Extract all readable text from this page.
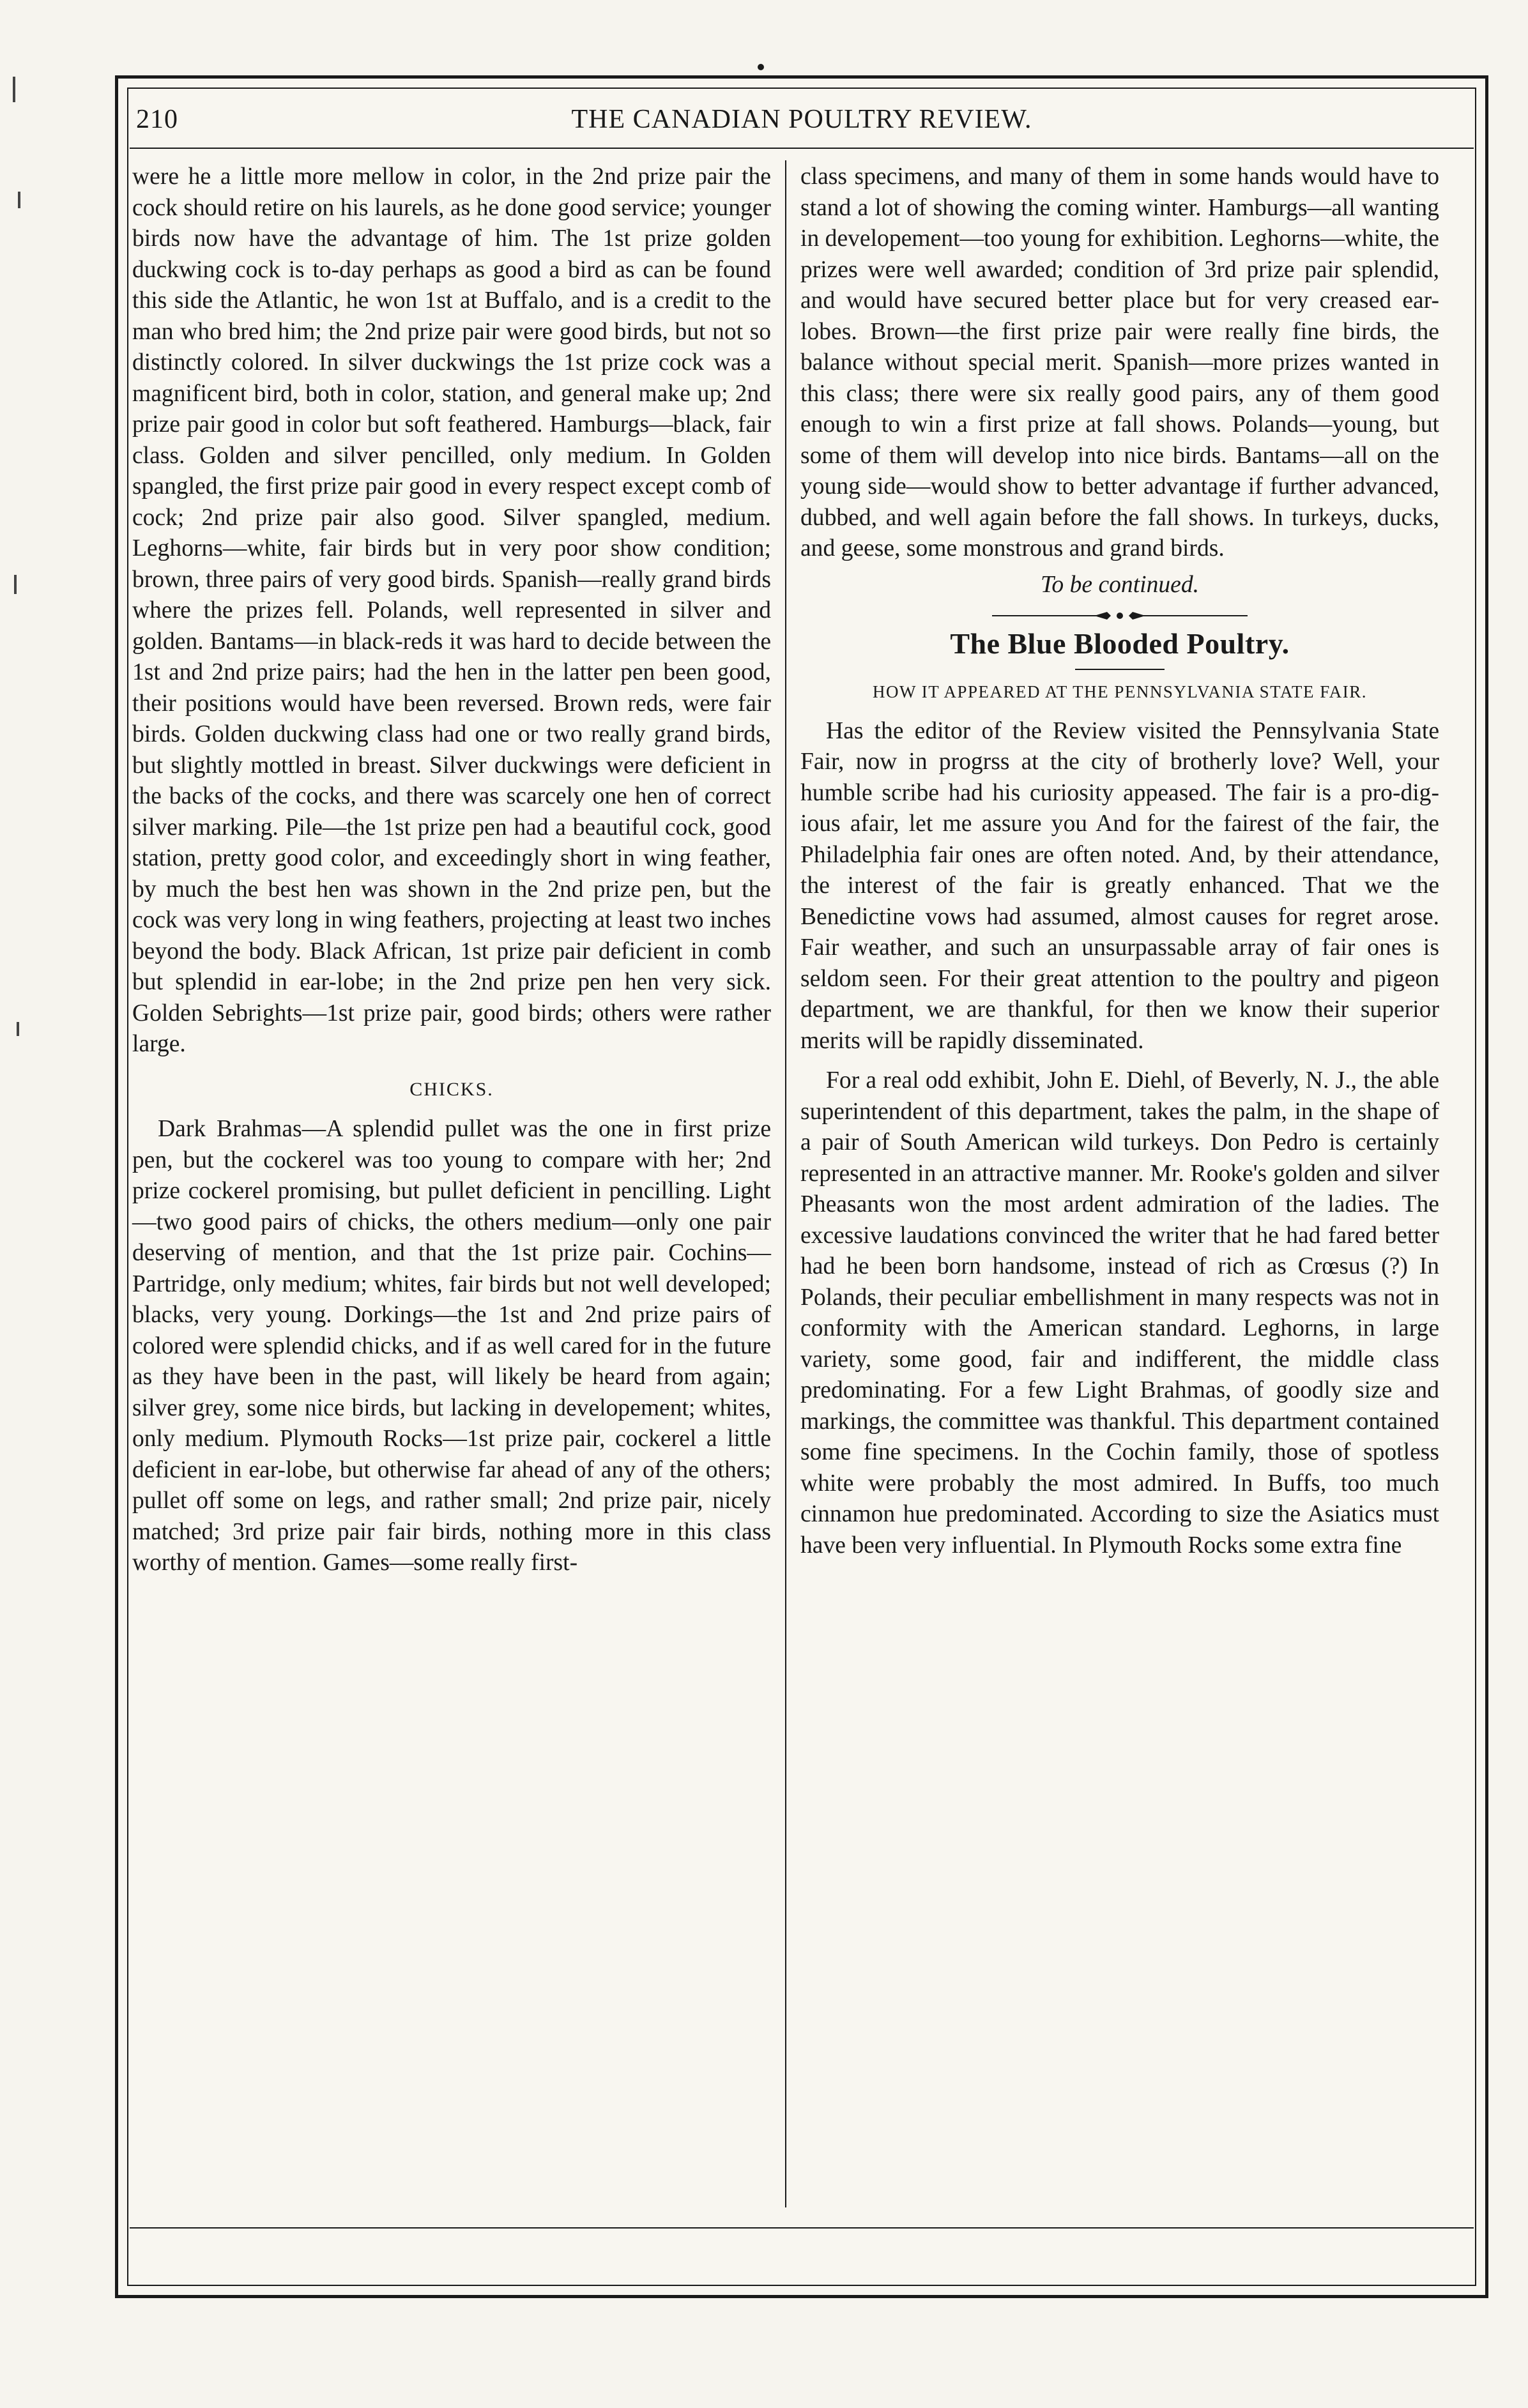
210	THE CANADIAN POULTRY REVIEW.

were he a little more mellow in color, in the 2nd prize pair the cock should retire on his laurels, as he done good service; younger birds now have the advantage of him. The 1st prize golden duckwing cock is to-day perhaps as good a bird as can be found this side the Atlantic, he won 1st at Buffalo, and is a credit to the man who bred him; the 2nd prize pair were good birds, but not so distinctly colored. In silver duckwings the 1st prize cock was a magnificent bird, both in color, station, and general make up; 2nd prize pair good in color but soft feathered. Hamburgs—black, fair class. Golden and silver pencilled, only medium. In Golden spangled, the first prize pair good in every respect except comb of cock; 2nd prize pair also good. Silver spangled, medium. Leghorns—white, fair birds but in very poor show condition; brown, three pairs of very good birds. Spanish—really grand birds where the prizes fell. Polands, well represented in silver and golden. Bantams—in black-reds it was hard to decide between the 1st and 2nd prize pairs; had the hen in the latter pen been good, their positions would have been reversed. Brown reds, were fair birds. Golden duckwing class had one or two really grand birds, but slightly mottled in breast. Silver duckwings were deficient in the backs of the cocks, and there was scarcely one hen of correct silver marking. Pile—the 1st prize pen had a beautiful cock, good station, pretty good color, and exceedingly short in wing feather, by much the best hen was shown in the 2nd prize pen, but the cock was very long in wing feathers, projecting at least two inches beyond the body. Black African, 1st prize pair deficient in comb but splendid in ear-lobe; in the 2nd prize pen hen very sick. Golden Sebrights—1st prize pair, good birds; others were rather large.

CHICKS.

Dark Brahmas—A splendid pullet was the one in first prize pen, but the cockerel was too young to compare with her; 2nd prize cockerel promising, but pullet deficient in pencilling. Light—two good pairs of chicks, the others medium—only one pair deserving of mention, and that the 1st prize pair. Cochins—Partridge, only medium; whites, fair birds but not well developed; blacks, very young. Dorkings—the 1st and 2nd prize pairs of colored were splendid chicks, and if as well cared for in the future as they have been in the past, will likely be heard from again; silver grey, some nice birds, but lacking in developement; whites, only medium. Plymouth Rocks—1st prize pair, cockerel a little deficient in ear-lobe, but otherwise far ahead of any of the others; pullet off some on legs, and rather small; 2nd prize pair, nicely matched; 3rd prize pair fair birds, nothing more in this class worthy of mention. Games—some really first-

class specimens, and many of them in some hands would have to stand a lot of showing the coming winter. Hamburgs—all wanting in developement—too young for exhibition. Leghorns—white, the prizes were well awarded; condition of 3rd prize pair splendid, and would have secured better place but for very creased ear-lobes. Brown—the first prize pair were really fine birds, the balance without special merit. Spanish—more prizes wanted in this class; there were six really good pairs, any of them good enough to win a first prize at fall shows. Polands—young, but some of them will develop into nice birds. Bantams—all on the young side—would show to better advantage if further advanced, dubbed, and well again before the fall shows. In turkeys, ducks, and geese, some monstrous and grand birds.

To be continued.
The Blue Blooded Poultry.
HOW IT APPEARED AT THE PENNSYLVANIA STATE FAIR.

Has the editor of the Review visited the Pennsylvania State Fair, now in progrss at the city of brotherly love? Well, your humble scribe had his curiosity appeased. The fair is a pro-dig-ious afair, let me assure you And for the fairest of the fair, the Philadelphia fair ones are often noted. And, by their attendance, the interest of the fair is greatly enhanced. That we the Benedictine vows had assumed, almost causes for regret arose. Fair weather, and such an unsurpassable array of fair ones is seldom seen. For their great attention to the poultry and pigeon department, we are thankful, for then we know their superior merits will be rapidly disseminated.

For a real odd exhibit, John E. Diehl, of Beverly, N. J., the able superintendent of this department, takes the palm, in the shape of a pair of South American wild turkeys. Don Pedro is certainly represented in an attractive manner. Mr. Rooke's golden and silver Pheasants won the most ardent admiration of the ladies. The excessive laudations convinced the writer that he had fared better had he been born handsome, instead of rich as Crœsus (?) In Polands, their peculiar embellishment in many respects was not in conformity with the American standard. Leghorns, in large variety, some good, fair and indifferent, the middle class predominating. For a few Light Brahmas, of goodly size and markings, the committee was thankful. This department contained some fine specimens. In the Cochin family, those of spotless white were probably the most admired. In Buffs, too much cinnamon hue predominated. According to size the Asiatics must have been very influential. In Plymouth Rocks some extra fine
